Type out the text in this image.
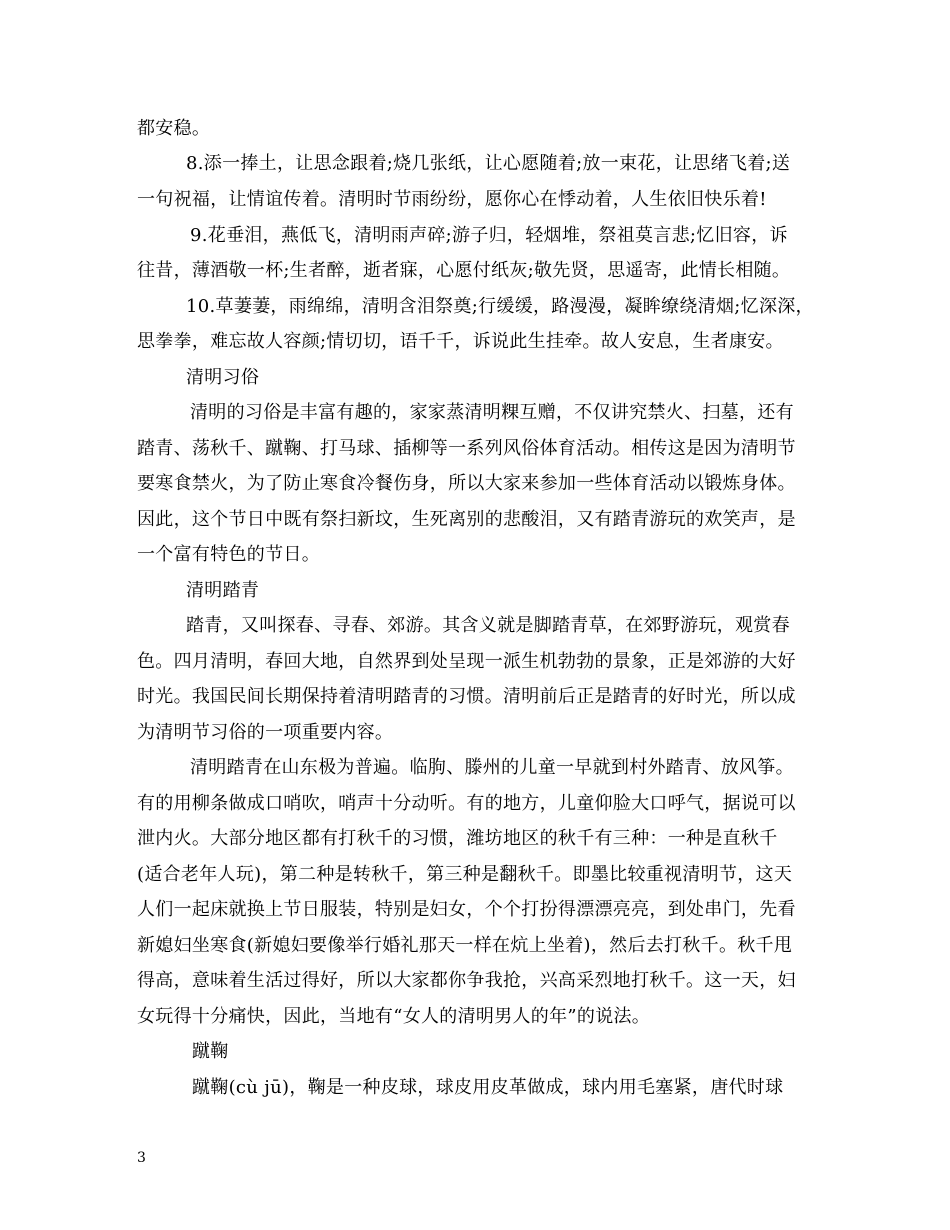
都安稳。
8.添一捧土，让思念跟着;烧几张纸，让心愿随着;放一束花，让思绪飞着;送
一句祝福，让情谊传着。清明时节雨纷纷，愿你心在悸动着，人生依旧快乐着!
9.花垂泪，燕低飞，清明雨声碎;游子归，轻烟堆，祭祖莫言悲;忆旧容，诉
往昔，薄酒敬一杯;生者醉，逝者寐，心愿付纸灰;敬先贤，思遥寄，此情长相随。
10.草萋萋，雨绵绵，清明含泪祭奠;行缓缓，路漫漫，凝眸缭绕清烟;忆深深，
思拳拳，难忘故人容颜;情切切，语千千，诉说此生挂牵。故人安息，生者康安。
清明习俗
清明的习俗是丰富有趣的，家家蒸清明粿互赠，不仅讲究禁火、扫墓，还有
踏青、荡秋千、蹴鞠、打马球、插柳等一系列风俗体育活动。相传这是因为清明节
要寒食禁火，为了防止寒食冷餐伤身，所以大家来参加一些体育活动以锻炼身体。
因此，这个节日中既有祭扫新坟，生死离别的悲酸泪，又有踏青游玩的欢笑声，是
一个富有特色的节日。
清明踏青
踏青，又叫探春、寻春、郊游。其含义就是脚踏青草，在郊野游玩，观赏春
色。四月清明，春回大地，自然界到处呈现一派生机勃勃的景象，正是郊游的大好
时光。我国民间长期保持着清明踏青的习惯。清明前后正是踏青的好时光，所以成
为清明节习俗的一项重要内容。
清明踏青在山东极为普遍。临朐、滕州的儿童一早就到村外踏青、放风筝。
有的用柳条做成口哨吹，哨声十分动听。有的地方，儿童仰脸大口呼气，据说可以
泄内火。大部分地区都有打秋千的习惯，潍坊地区的秋千有三种：一种是直秋千
(适合老年人玩)，第二种是转秋千，第三种是翻秋千。即墨比较重视清明节，这天
人们一起床就换上节日服装，特别是妇女，个个打扮得漂漂亮亮，到处串门，先看
新媳妇坐寒食(新媳妇要像举行婚礼那天一样在炕上坐着)，然后去打秋千。秋千甩
得高，意味着生活过得好，所以大家都你争我抢，兴高采烈地打秋千。这一天，妇
女玩得十分痛快，因此，当地有“女人的清明男人的年”的说法。
蹴鞠
蹴鞠(cù jū)，鞠是一种皮球，球皮用皮革做成，球内用毛塞紧，唐代时球
3
